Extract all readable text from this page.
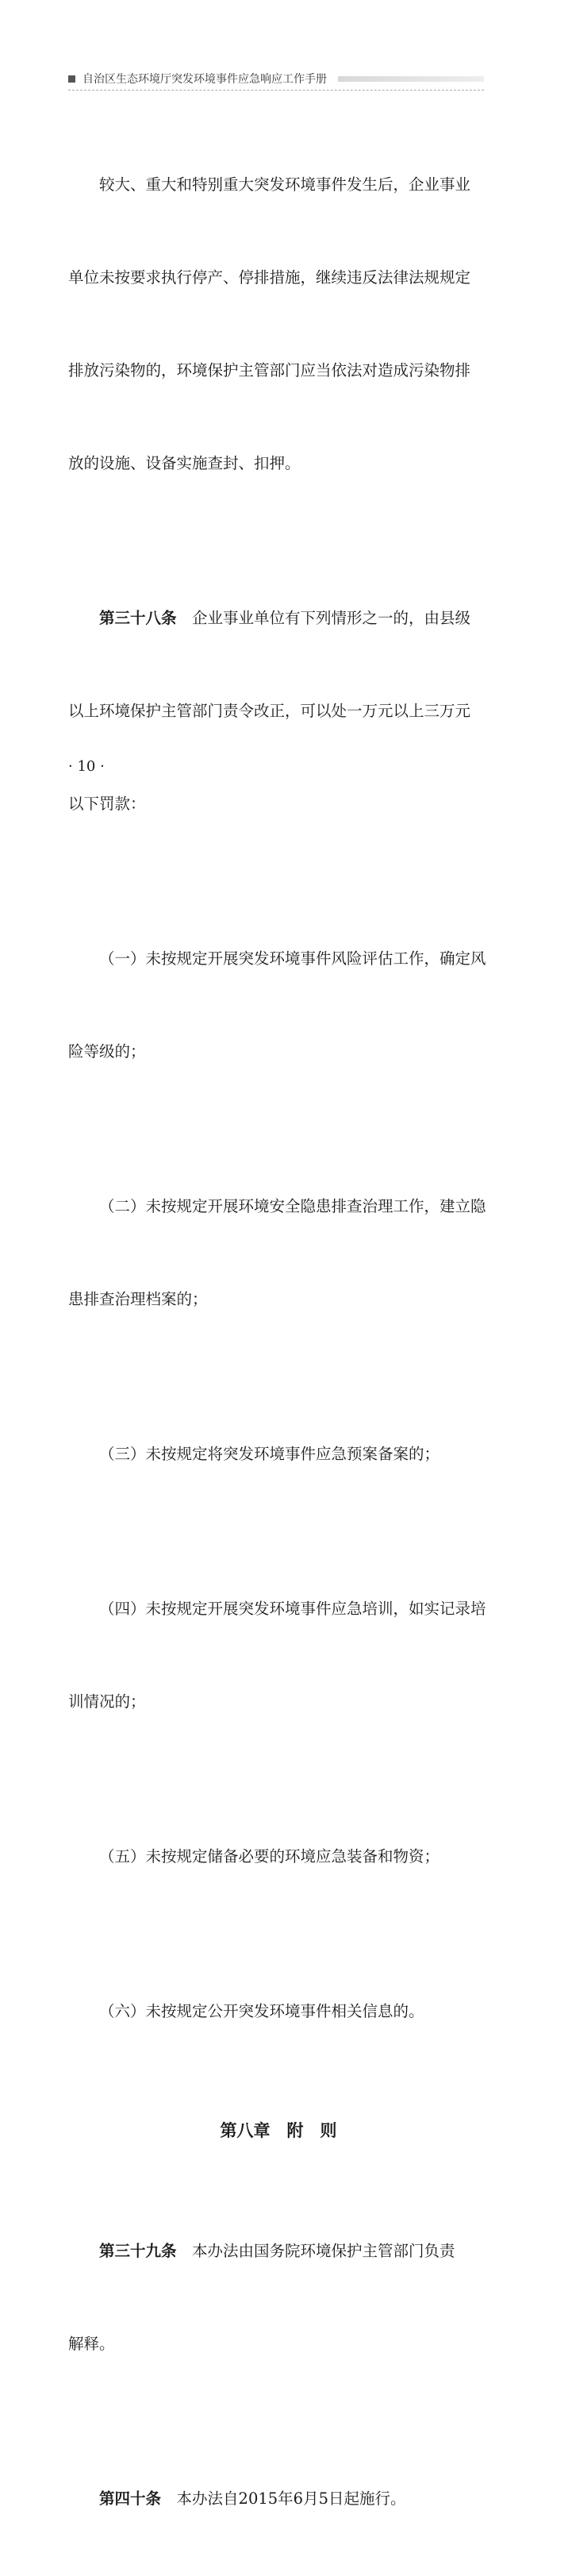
自治区生态环境厅突发环境事件应急响应工作手册

较大、重大和特别重大突发环境事件发生后，企业事业

单位未按要求执行停产、停排措施，继续违反法律法规规定

排放污染物的，环境保护主管部门应当依法对造成污染物排

放的设施、设备实施查封、扣押。

第三十八条　 企业事业单位有下列情形之一的，由县级

以上环境保护主管部门责令改正，可以处一万元以上三万元

以下罚款：

（一）未按规定开展突发环境事件风险评估工作，确定风

险等级的；

（二）未按规定开展环境安全隐患排查治理工作，建立隐

患排查治理档案的；

（三）未按规定将突发环境事件应急预案备案的；

（四）未按规定开展突发环境事件应急培训，如实记录培

训情况的；

（五）未按规定储备必要的环境应急装备和物资；

（六）未按规定公开突发环境事件相关信息的。

第八章　附　则

第三十九条　 本办法由国务院环境保护主管部门负责

解释。

第四十条　 本办法自2015年6月5日起施行。

· 10 ·
